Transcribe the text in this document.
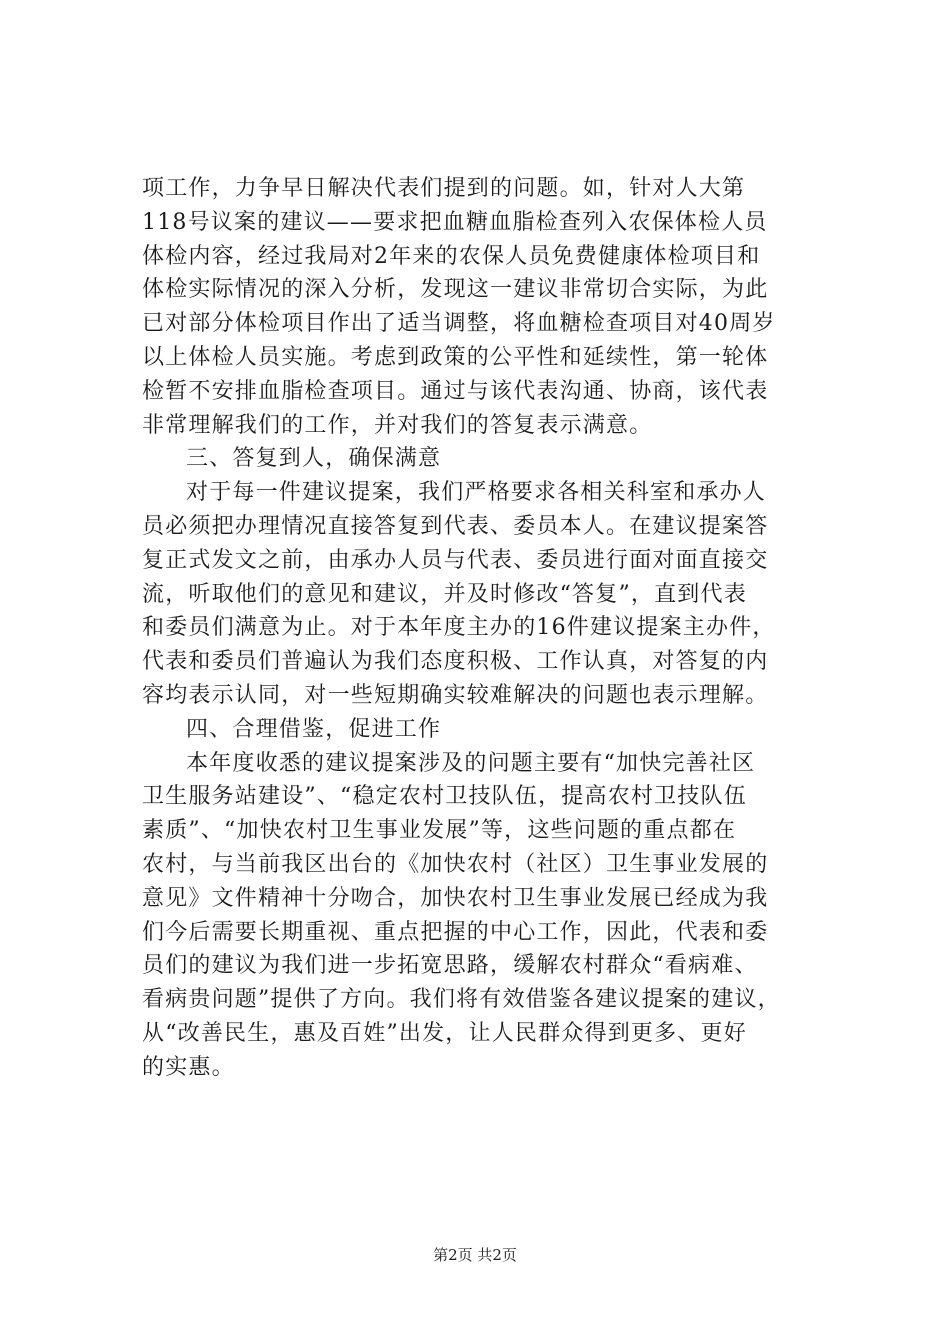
项工作，力争早日解决代表们提到的问题。如，针对人大第
118号议案的建议——要求把血糖血脂检查列入农保体检人员
体检内容，经过我局对2年来的农保人员免费健康体检项目和
体检实际情况的深入分析，发现这一建议非常切合实际，为此
已对部分体检项目作出了适当调整，将血糖检查项目对40周岁
以上体检人员实施。考虑到政策的公平性和延续性，第一轮体
检暂不安排血脂检查项目。通过与该代表沟通、协商，该代表
非常理解我们的工作，并对我们的答复表示满意。
三、答复到人，确保满意
对于每一件建议提案，我们严格要求各相关科室和承办人
员必须把办理情况直接答复到代表、委员本人。在建议提案答
复正式发文之前，由承办人员与代表、委员进行面对面直接交
流，听取他们的意见和建议，并及时修改“答复”，直到代表
和委员们满意为止。对于本年度主办的16件建议提案主办件，
代表和委员们普遍认为我们态度积极、工作认真，对答复的内
容均表示认同，对一些短期确实较难解决的问题也表示理解。
四、合理借鉴，促进工作
本年度收悉的建议提案涉及的问题主要有“加快完善社区
卫生服务站建设”、“稳定农村卫技队伍，提高农村卫技队伍
素质”、“加快农村卫生事业发展”等，这些问题的重点都在
农村，与当前我区出台的《加快农村（社区）卫生事业发展的
意见》文件精神十分吻合，加快农村卫生事业发展已经成为我
们今后需要长期重视、重点把握的中心工作，因此，代表和委
员们的建议为我们进一步拓宽思路，缓解农村群众“看病难、
看病贵问题”提供了方向。我们将有效借鉴各建议提案的建议，
从“改善民生，惠及百姓”出发，让人民群众得到更多、更好
的实惠。
第2页 共2页
